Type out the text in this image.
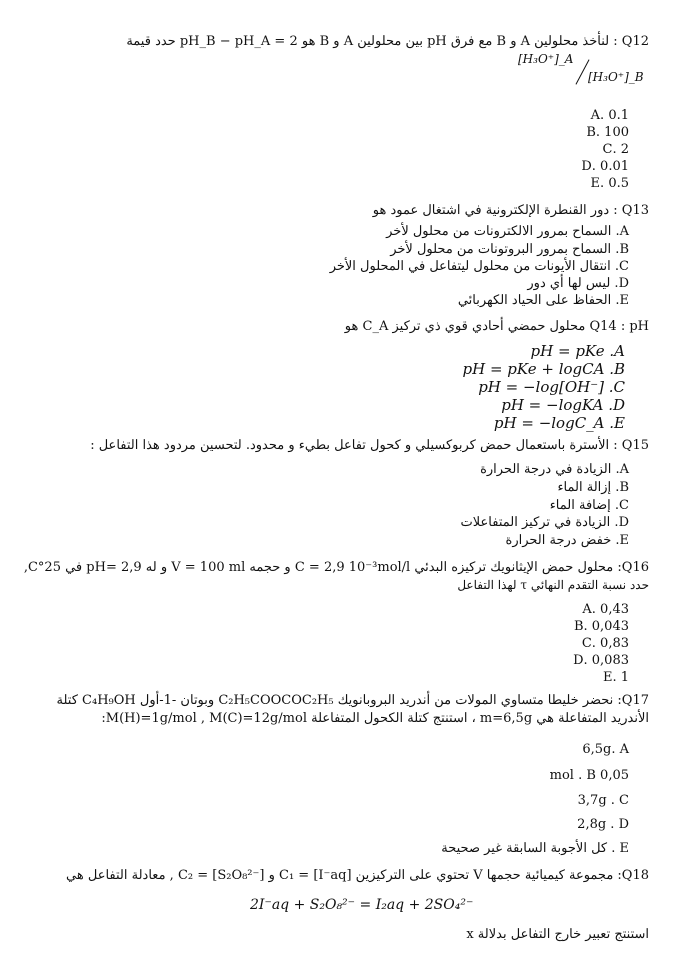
Q12 : لنأخذ محلولين A و B مع فرق pH بين محلولين A و B هو 2 = pH_B − pH_A حدد قيمة
[H₃O⁺]_A
[H₃O⁺]_B
0.1 .A
100 .B
2 .C
0.01 .D
0.5 .E
Q13 : دور القنطرة الإلكترونية في اشتغال عمود هو
A. السماح بمرور الالكترونات من محلول لأخر
B. السماح بمرور البروتونات من محلول لأخر
C. انتقال الأيونات من محلول ليتفاعل في المحلول الأخر
D. ليس لها أي دور
E. الحفاظ على الحياد الكهربائي
Q14 : pH محلول حمضي أحادي قوي ذي تركيز C_A هو
pH = pKe .A
pH = pKe + logCA .B
pH = −log[OH⁻] .C
pH = −logKA .D
pH = −logC_A .E
Q15 : الأسترة باستعمال حمض كربوكسيلي و كحول تفاعل بطيء و محدود. لتحسين مردود هذا التفاعل :
A. الزيادة في درجة الحرارة
B. إزالة الماء
C. إضافة الماء
D. الزيادة في تركيز المتفاعلات
E. خفض درجة الحرارة
Q16: محلول حمض الإيثانويك تركيزه البدئي C = 2,9 10⁻³mol/l و حجمه V = 100 ml و له pH= 2,9 في 25°C,
حدد نسبة التقدم النهائي τ لهذا التفاعل
0,43 .A
0,043 .B
0,83 .C
0,083 .D
1 .E
Q17: نحضر خليطا متساوي المولات من أندريد البروبانويك C₂H₅COOCOC₂H₅ وبوتان -1-أول C₄H₉OH كتلة
الأندريد المتفاعلة هي m=6,5g ، استنتج كتلة الكحول المتفاعلة M(H)=1g/mol , M(C)=12g/mol:
6,5g. A
0,05 mol . B
3,7g . C
2,8g . D
E . كل الأجوبة السابقة غير صحيحة
Q18: مجموعة كيميائية حجمها V تحتوي على التركيزين C₁ = [I⁻aq] و C₂ = [S₂O₈²⁻] , معادلة التفاعل هي
2I⁻aq + S₂O₈²⁻ = I₂aq + 2SO₄²⁻
استنتج تعبير خارج التفاعل بدلالة x
